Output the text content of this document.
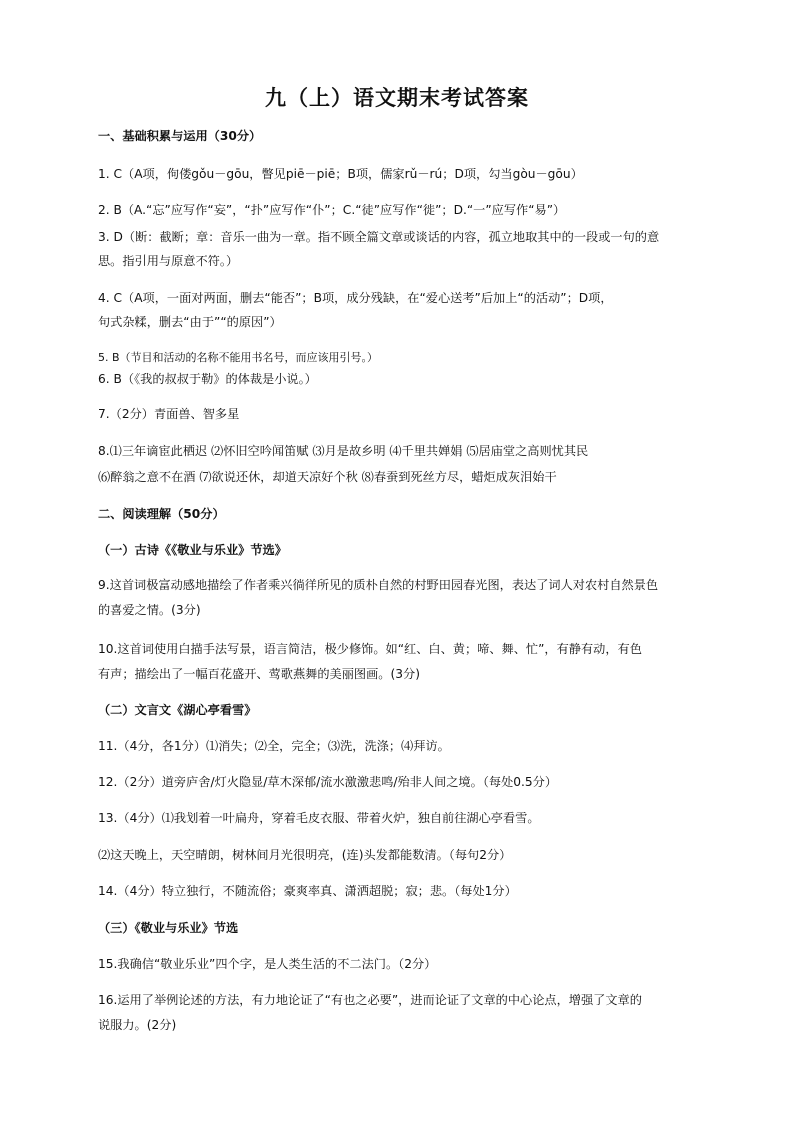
九（上）语文期末考试答案
一、基础积累与运用（30分）
1. C（A项，佝偻gǒu－gōu，瞥见piē－piē；B项，儒家rǔ－rú；D项，勾当gòu－gōu）
2. B（A.“忘”应写作“妄”，“扑”应写作“仆”；C.“徒”应写作“徙”；D.“一”应写作“易”）
3. D（断：截断；章：音乐一曲为一章。指不顾全篇文章或谈话的内容，孤立地取其中的一段或一句的意
思。指引用与原意不符。）
4. C（A项，一面对两面，删去“能否”；B项，成分残缺，在“爱心送考”后加上“的活动”；D项，
句式杂糅，删去“由于”“的原因”）
5. B（节目和活动的名称不能用书名号，而应该用引号。）
6. B（《我的叔叔于勒》的体裁是小说。）
7.（2分）青面兽、智多星
8.⑴三年谪宦此栖迟 ⑵怀旧空吟闻笛赋 ⑶月是故乡明 ⑷千里共婵娟 ⑸居庙堂之高则忧其民
⑹醉翁之意不在酒 ⑺欲说还休，却道天凉好个秋 ⑻春蚕到死丝方尽，蜡炬成灰泪始干
二、阅读理解（50分）
（一）古诗《《敬业与乐业》节选》
9.这首词极富动感地描绘了作者乘兴徜徉所见的质朴自然的村野田园春光图，表达了词人对农村自然景色
的喜爱之情。(3分)
10.这首词使用白描手法写景，语言简洁，极少修饰。如“红、白、黄；啼、舞、忙”，有静有动，有色
有声；描绘出了一幅百花盛开、莺歌燕舞的美丽图画。(3分)
（二）文言文《湖心亭看雪》
11.（4分，各1分）⑴消失；⑵全，完全；⑶洗，洗涤；⑷拜访。
12.（2分）道旁庐舍/灯火隐显/草木深郁/流水激激悲鸣/殆非人间之境。（每处0.5分）
13.（4分）⑴我划着一叶扁舟，穿着毛皮衣服、带着火炉，独自前往湖心亭看雪。
⑵这天晚上，天空晴朗，树林间月光很明亮，(连)头发都能数清。（每句2分）
14.（4分）特立独行，不随流俗；豪爽率真、潇洒超脱；寂；悲。（每处1分）
（三）《敬业与乐业》节选
15.我确信“敬业乐业”四个字，是人类生活的不二法门。（2分）
16.运用了举例论述的方法，有力地论证了“有也之必要”，进而论证了文章的中心论点，增强了文章的
说服力。(2分)
